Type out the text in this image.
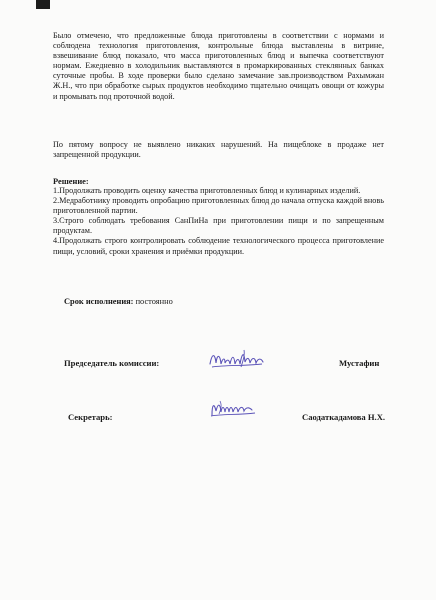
Было отмечено, что предложенные блюда приготовлены в соответствии с нормами и соблюдена технология приготовления, контрольные блюда выставлены в витрине, взвешивание блюд показало, что масса приготовленных блюд и выпечка соответствуют нормам. Ежедневно в холодильник выставляются в промаркированных стеклянных банках суточные пробы. В ходе проверки было сделано замечание зав.производством Рахымжан Ж.Н., что при обработке сырых продуктов необходимо тщательно очищать овощи от кожуры и промывать под проточной водой.
По пятому вопросу не выявлено никаких нарушений. На пищеблоке в продаже нет запрещенной продукции.
Решение:

1.Продолжать проводить оценку качества приготовленных блюд и кулинарных изделий.

2.Медработнику проводить опробацию приготовленных блюд до начала отпуска каждой вновь приготовленной партии.

3.Строго соблюдать требования СанПиНа при приготовлении пищи и по запрещенным продуктам.

4.Продолжать строго контролировать соблюдение технологического процесса приготовление пищи, условий, сроки хранения и приёмки продукции.

Срок исполнения: постоянно
Председатель комиссии:	Мустафин
Секретарь:	Саодаткадамова Н.Х.
